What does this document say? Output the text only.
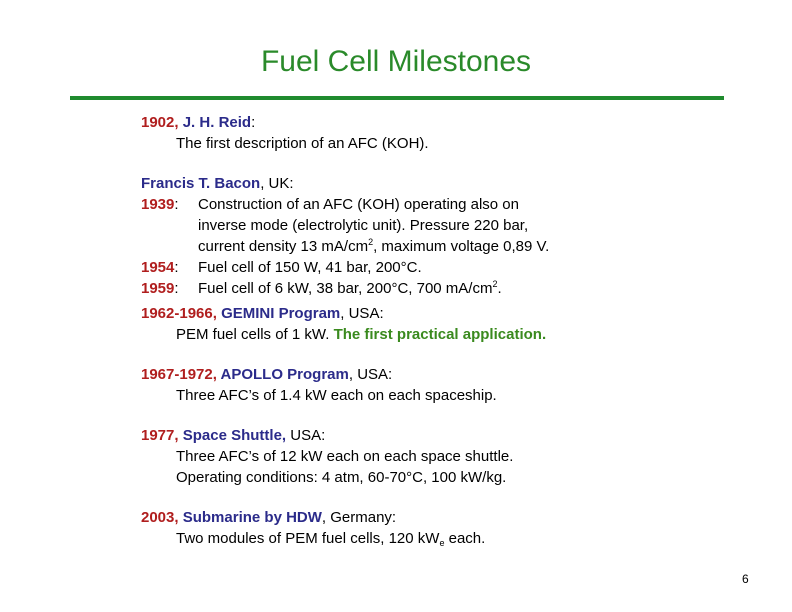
Fuel Cell Milestones
1902, J. H. Reid:
The first description of an AFC (KOH).
Francis T. Bacon, UK:
1939: Construction of an AFC (KOH) operating also on
inverse mode (electrolytic unit). Pressure 220 bar,
current density 13 $mA/cm^2$, maximum voltage 0,89 V.
1954: Fuel cell of 150 W, 41 bar, 200°C.
1959: Fuel cell of 6 kW, 38 bar, 200°C, 700 $mA/cm^2$.
1962-1966, GEMINI Program, USA:
PEM fuel cells of 1 kW. The first practical application.
1967-1972, APOLLO Program, USA:
Three AFC’s of 1.4 kW each on each spaceship.
1977, Space Shuttle, USA:
Three AFC’s of 12 kW each on each space shuttle.
Operating conditions: 4 atm, 60-70°C, 100 kW/kg.
2003, Submarine by HDW, Germany:
Two modules of PEM fuel cells, 120 $kW_e$ each.
6
